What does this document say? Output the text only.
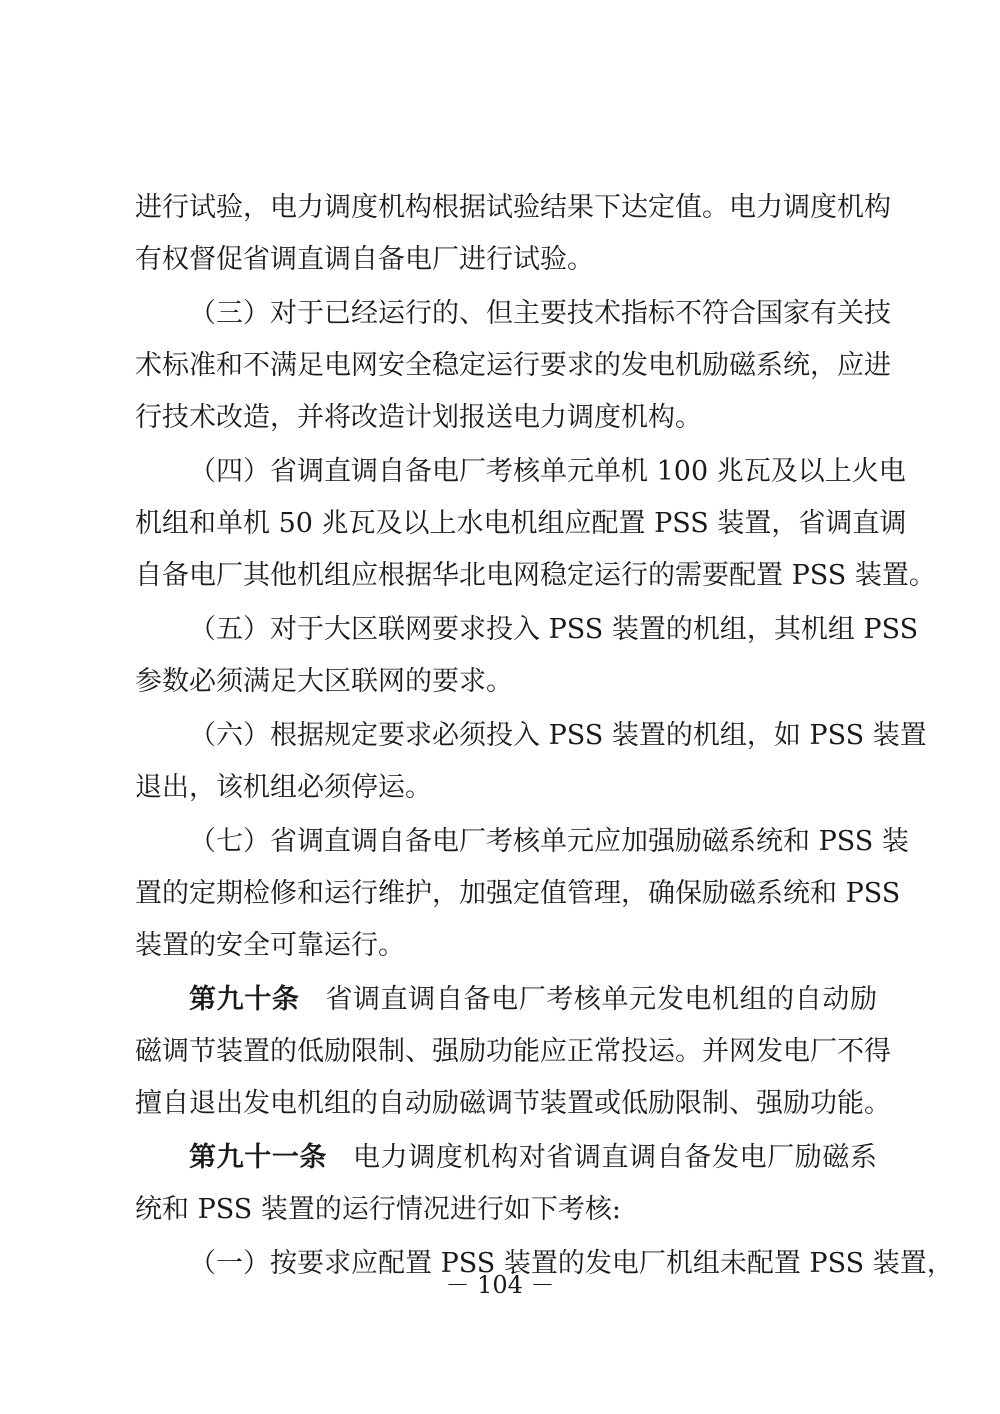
进行试验，电力调度机构根据试验结果下达定值。电力调度机构
有权督促省调直调自备电厂进行试验。
（三）对于已经运行的、但主要技术指标不符合国家有关技
术标准和不满足电网安全稳定运行要求的发电机励磁系统，应进
行技术改造，并将改造计划报送电力调度机构。
（四）省调直调自备电厂考核单元单机 100 兆瓦及以上火电
机组和单机 50 兆瓦及以上水电机组应配置 PSS 装置，省调直调
自备电厂其他机组应根据华北电网稳定运行的需要配置 PSS 装置。
（五）对于大区联网要求投入 PSS 装置的机组，其机组 PSS
参数必须满足大区联网的要求。
（六）根据规定要求必须投入 PSS 装置的机组，如 PSS 装置
退出，该机组必须停运。
（七）省调直调自备电厂考核单元应加强励磁系统和 PSS 装
置的定期检修和运行维护，加强定值管理，确保励磁系统和 PSS
装置的安全可靠运行。
第九十条 省调直调自备电厂考核单元发电机组的自动励
磁调节装置的低励限制、强励功能应正常投运。并网发电厂不得
擅自退出发电机组的自动励磁调节装置或低励限制、强励功能。
第九十一条 电力调度机构对省调直调自备发电厂励磁系
统和 PSS 装置的运行情况进行如下考核:
（一）按要求应配置 PSS 装置的发电厂机组未配置 PSS 装置，
－ 104 －
